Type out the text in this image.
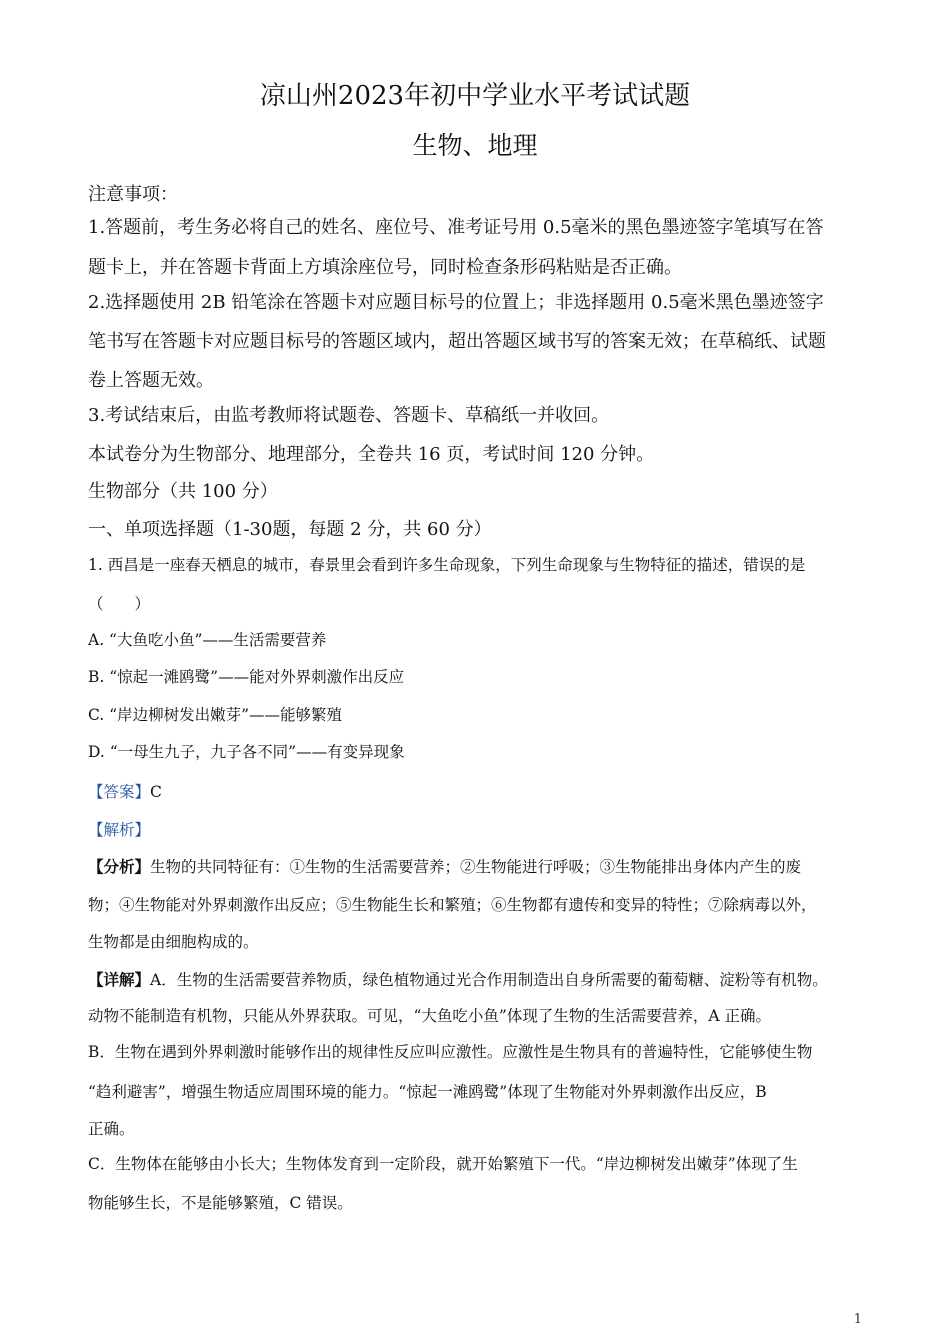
凉山州2023年初中学业水平考试试题
生物、地理
注意事项：
1.答题前，考生务必将自己的姓名、座位号、准考证号用 0.5毫米的黑色墨迹签字笔填写在答
题卡上，并在答题卡背面上方填涂座位号，同时检查条形码粘贴是否正确。
2.选择题使用 2B 铅笔涂在答题卡对应题目标号的位置上；非选择题用 0.5毫米黑色墨迹签字
笔书写在答题卡对应题目标号的答题区域内，超出答题区域书写的答案无效；在草稿纸、试题
卷上答题无效。
3.考试结束后，由监考教师将试题卷、答题卡、草稿纸一并收回。
本试卷分为生物部分、地理部分，全卷共 16 页，考试时间 120 分钟。
生物部分（共 100 分）
一、单项选择题（1-30题，每题 2 分，共 60 分）
1. 西昌是一座春天栖息的城市，春景里会看到许多生命现象，下列生命现象与生物特征的描述，错误的是
（　　）
A. “大鱼吃小鱼”——生活需要营养
B. “惊起一滩鸥鹭”——能对外界刺激作出反应
C. “岸边柳树发出嫩芽”——能够繁殖
D. “一母生九子，九子各不同”——有变异现象
【答案】C
【解析】
【分析】生物的共同特征有：①生物的生活需要营养；②生物能进行呼吸；③生物能排出身体内产生的废
物；④生物能对外界刺激作出反应；⑤生物能生长和繁殖；⑥生物都有遗传和变异的特性；⑦除病毒以外，
生物都是由细胞构成的。
【详解】A．生物的生活需要营养物质，绿色植物通过光合作用制造出自身所需要的葡萄糖、淀粉等有机物。
动物不能制造有机物，只能从外界获取。可见，“大鱼吃小鱼”体现了生物的生活需要营养，A 正确。
B．生物在遇到外界刺激时能够作出的规律性反应叫应激性。应激性是生物具有的普遍特性，它能够使生物
“趋利避害”，增强生物适应周围环境的能力。“惊起一滩鸥鹭”体现了生物能对外界刺激作出反应，B
正确。
C．生物体在能够由小长大；生物体发育到一定阶段，就开始繁殖下一代。“岸边柳树发出嫩芽”体现了生
物能够生长，不是能够繁殖，C 错误。
1
